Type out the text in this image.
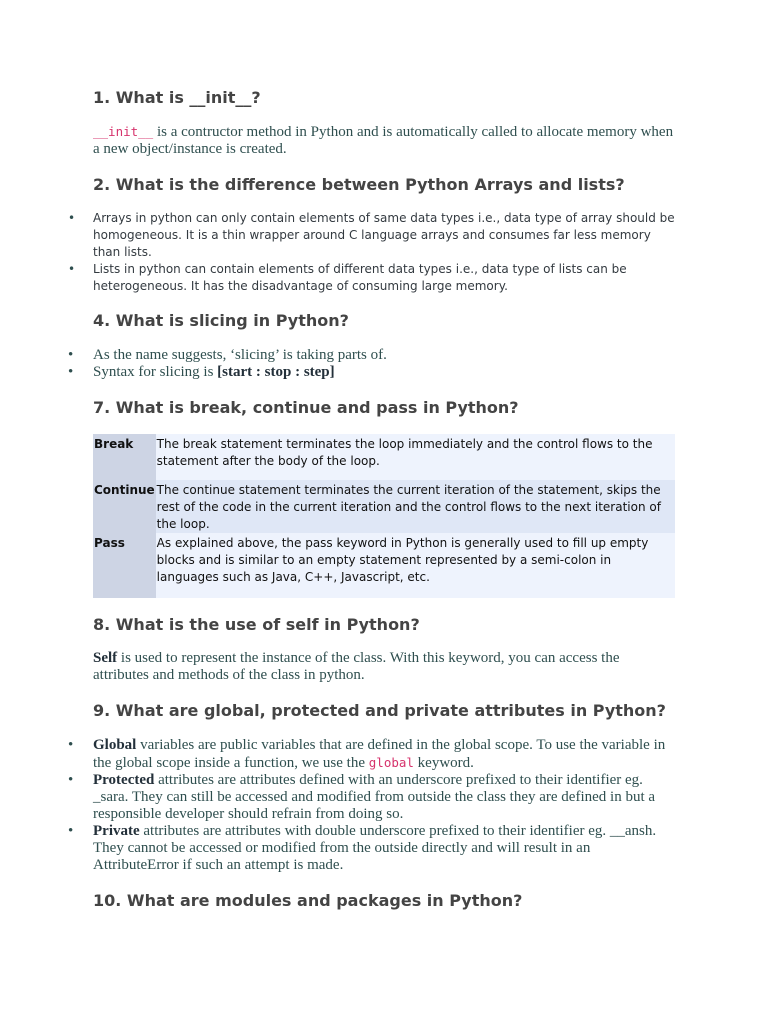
1. What is __init__?

__init__ is a contructor method in Python and is automatically called to allocate memory when a new object/instance is created.

2. What is the difference between Python Arrays and lists?
• Arrays in python can only contain elements of same data types i.e., data type of array should be homogeneous. It is a thin wrapper around C language arrays and consumes far less memory than lists.
• Lists in python can contain elements of different data types i.e., data type of lists can be heterogeneous. It has the disadvantage of consuming large memory.
4. What is slicing in Python?
• As the name suggests, ‘slicing’ is taking parts of.
• Syntax for slicing is [start : stop : step]
7. What is break, continue and pass in Python?
Break	The break statement terminates the loop immediately and the control flows to the statement after the body of the loop.
Continue	The continue statement terminates the current iteration of the statement, skips the rest of the code in the current iteration and the control flows to the next iteration of the loop.
Pass	As explained above, the pass keyword in Python is generally used to fill up empty blocks and is similar to an empty statement represented by a semi-colon in languages such as Java, C++, Javascript, etc.
8. What is the use of self in Python?

Self is used to represent the instance of the class. With this keyword, you can access the attributes and methods of the class in python.

9. What are global, protected and private attributes in Python?
• Global variables are public variables that are defined in the global scope. To use the variable in the global scope inside a function, we use the global keyword.
• Protected attributes are attributes defined with an underscore prefixed to their identifier eg. _sara. They can still be accessed and modified from outside the class they are defined in but a responsible developer should refrain from doing so.
• Private attributes are attributes with double underscore prefixed to their identifier eg. __ansh. They cannot be accessed or modified from the outside directly and will result in an AttributeError if such an attempt is made.
10. What are modules and packages in Python?
